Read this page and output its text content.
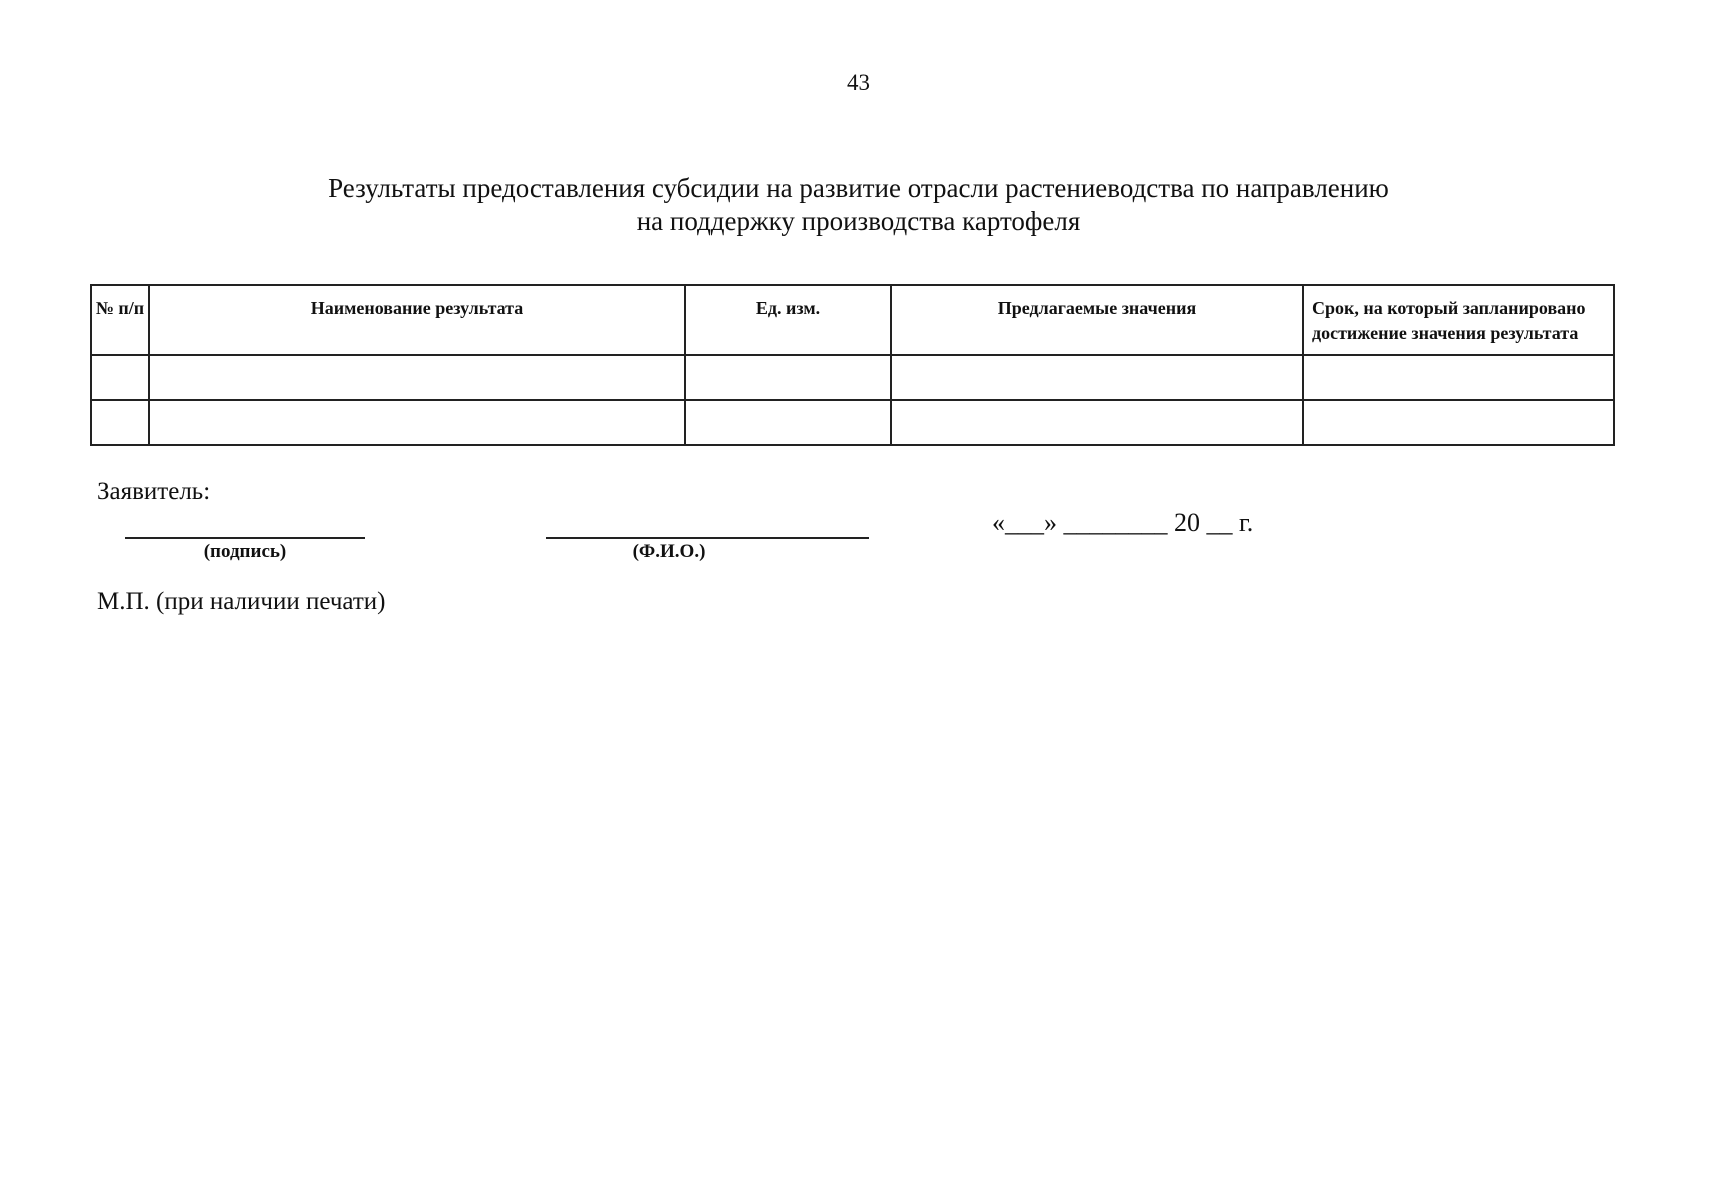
43
Результаты предоставления субсидии на развитие отрасли растениеводства по направлению
на поддержку производства картофеля
№ п/п	Наименование результата	Ед. изм.	Предлагаемые значения	Срок, на который запланировано достижение значения результата

Заявитель:
(подпись)	(Ф.И.О.)
«___» ________ 20 __ г.
М.П. (при наличии печати)
